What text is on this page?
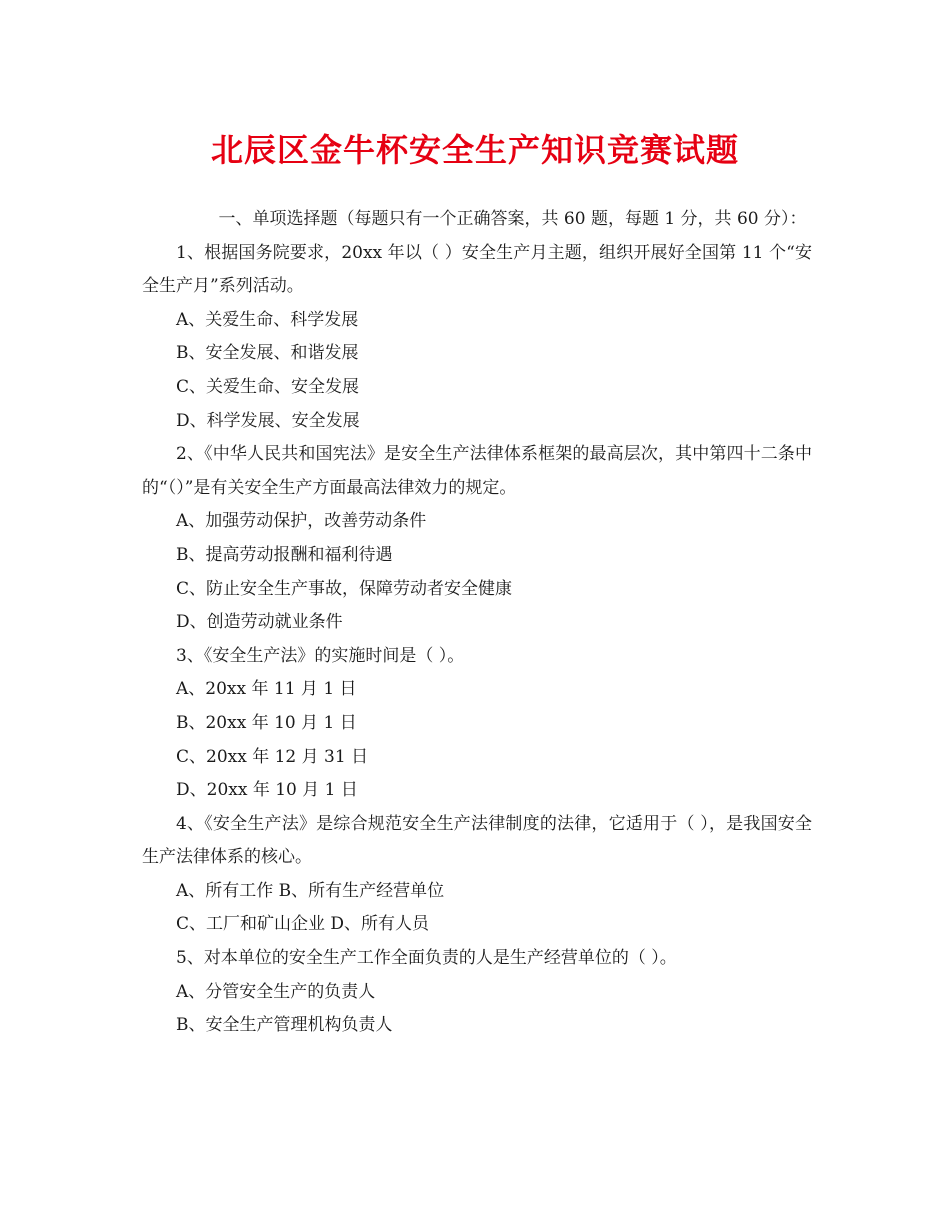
北辰区金牛杯安全生产知识竞赛试题

一、单项选择题（每题只有一个正确答案，共 60 题，每题 1 分，共 60 分）：

1、根据国务院要求，20xx 年以（ ）安全生产月主题，组织开展好全国第 11 个“安全生产月”系列活动。

A、关爱生命、科学发展

B、安全发展、和谐发展

C、关爱生命、安全发展

D、科学发展、安全发展

2、《中华人民共和国宪法》是安全生产法律体系框架的最高层次，其中第四十二条中的“（）”是有关安全生产方面最高法律效力的规定。

A、加强劳动保护，改善劳动条件

B、提高劳动报酬和福利待遇

C、防止安全生产事故，保障劳动者安全健康

D、创造劳动就业条件

3、《安全生产法》的实施时间是（ ）。

A、20xx 年 11 月 1 日

B、20xx 年 10 月 1 日

C、20xx 年 12 月 31 日

D、20xx 年 10 月 1 日

4、《安全生产法》是综合规范安全生产法律制度的法律，它适用于（ ），是我国安全生产法律体系的核心。

A、所有工作 B、所有生产经营单位

C、工厂和矿山企业 D、所有人员

5、对本单位的安全生产工作全面负责的人是生产经营单位的（ ）。

A、分管安全生产的负责人

B、安全生产管理机构负责人
